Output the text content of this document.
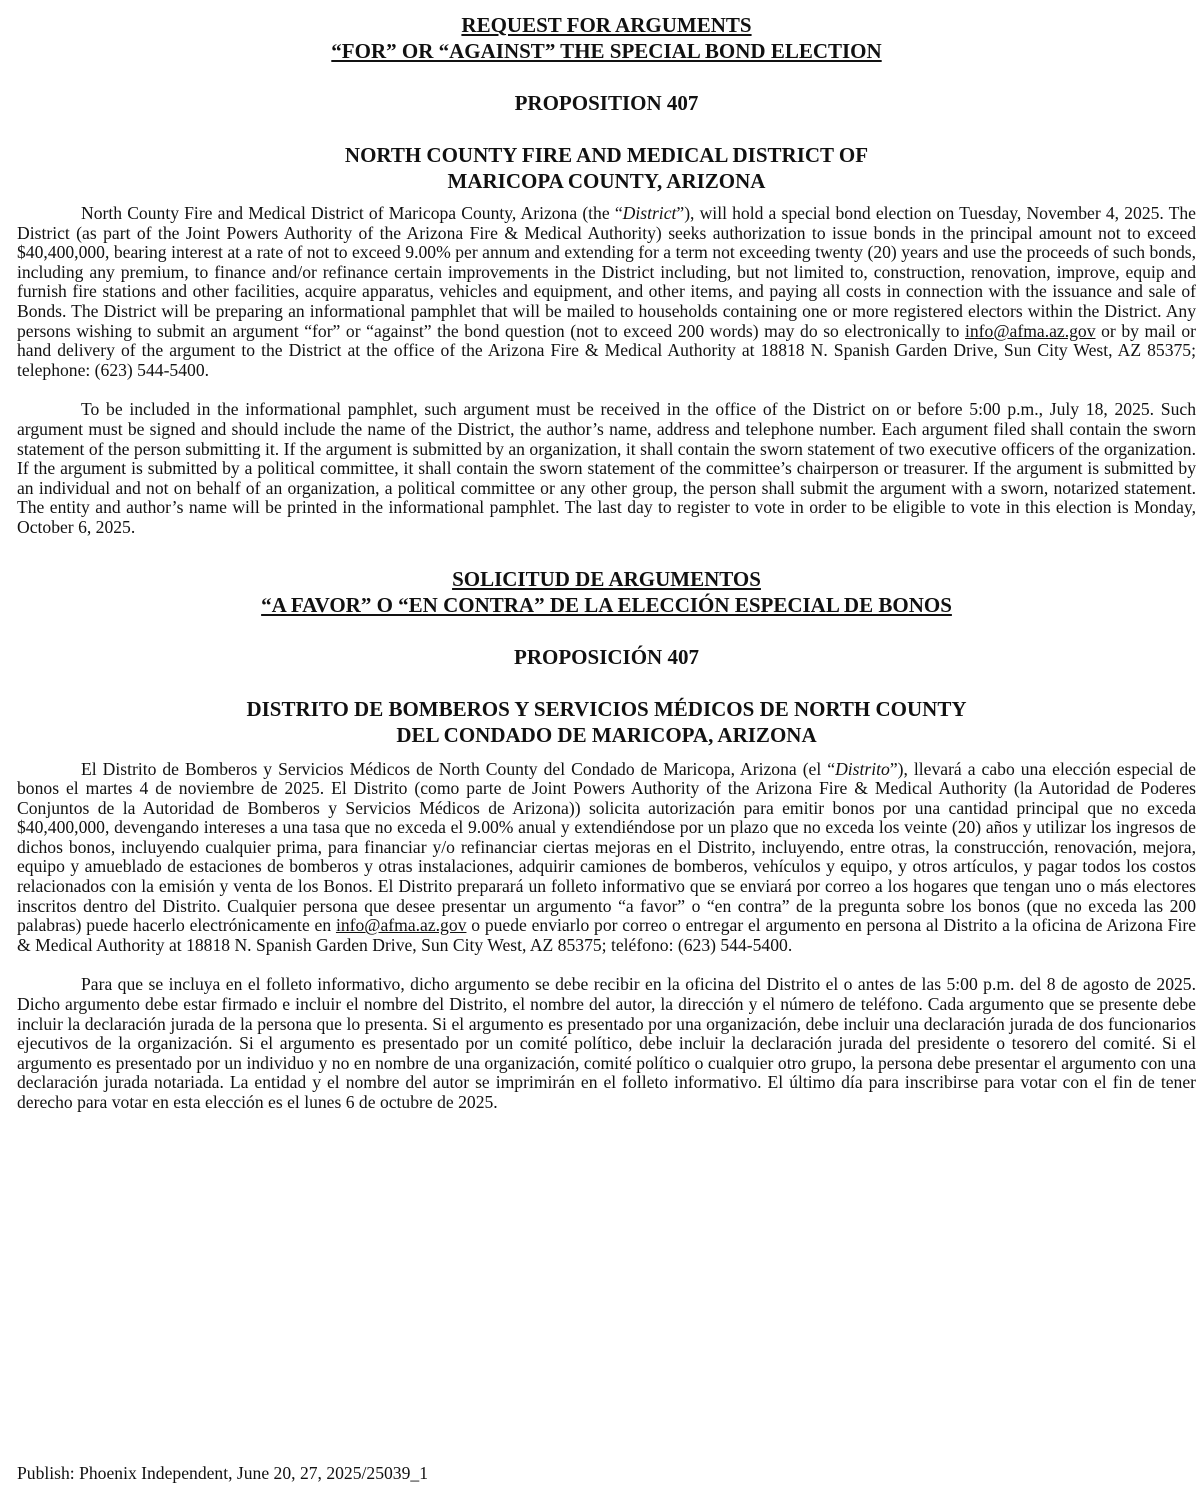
REQUEST FOR ARGUMENTS
“FOR” OR “AGAINST” THE SPECIAL BOND ELECTION
PROPOSITION 407
NORTH COUNTY FIRE AND MEDICAL DISTRICT OF
MARICOPA COUNTY, ARIZONA

North County Fire and Medical District of Maricopa County, Arizona (the “District”), will hold a special bond election on Tuesday, November 4, 2025. The District (as part of the Joint Powers Authority of the Arizona Fire & Medical Authority) seeks authorization to issue bonds in the principal amount not to exceed $40,400,000, bearing interest at a rate of not to exceed 9.00% per annum and extending for a term not exceeding twenty (20) years and use the proceeds of such bonds, including any premium, to finance and/or refinance certain improvements in the District including, but not limited to, construction, renovation, improve, equip and furnish fire stations and other facilities, acquire apparatus, vehicles and equipment, and other items, and paying all costs in connection with the issuance and sale of Bonds. The District will be preparing an informational pamphlet that will be mailed to households containing one or more registered electors within the District. Any persons wishing to submit an argument “for” or “against” the bond question (not to exceed 200 words) may do so electronically to info@afma.az.gov or by mail or hand delivery of the argument to the District at the office of the Arizona Fire & Medical Authority at 18818 N. Spanish Garden Drive, Sun City West, AZ 85375; telephone: (623) 544-5400.

To be included in the informational pamphlet, such argument must be received in the office of the District on or before 5:00 p.m., July 18, 2025. Such argument must be signed and should include the name of the District, the author’s name, address and telephone number. Each argument filed shall contain the sworn statement of the person submitting it. If the argument is submitted by an organization, it shall contain the sworn statement of two executive officers of the organization. If the argument is submitted by a political committee, it shall contain the sworn statement of the committee’s chairperson or treasurer. If the argument is submitted by an individual and not on behalf of an organization, a political committee or any other group, the person shall submit the argument with a sworn, notarized statement. The entity and author’s name will be printed in the informational pamphlet. The last day to register to vote in order to be eligible to vote in this election is Monday, October 6, 2025.

SOLICITUD DE ARGUMENTOS
“A FAVOR” O “EN CONTRA” DE LA ELECCIÓN ESPECIAL DE BONOS
PROPOSICIÓN 407
DISTRITO DE BOMBEROS Y SERVICIOS MÉDICOS DE NORTH COUNTY
DEL CONDADO DE MARICOPA, ARIZONA

El Distrito de Bomberos y Servicios Médicos de North County del Condado de Maricopa, Arizona (el “Distrito”), llevará a cabo una elección especial de bonos el martes 4 de noviembre de 2025. El Distrito (como parte de Joint Powers Authority of the Arizona Fire & Medical Authority (la Autoridad de Poderes Conjuntos de la Autoridad de Bomberos y Servicios Médicos de Arizona)) solicita autorización para emitir bonos por una cantidad principal que no exceda $40,400,000, devengando intereses a una tasa que no exceda el 9.00% anual y extendiéndose por un plazo que no exceda los veinte (20) años y utilizar los ingresos de dichos bonos, incluyendo cualquier prima, para financiar y/o refinanciar ciertas mejoras en el Distrito, incluyendo, entre otras, la construcción, renovación, mejora, equipo y amueblado de estaciones de bomberos y otras instalaciones, adquirir camiones de bomberos, vehículos y equipo, y otros artículos, y pagar todos los costos relacionados con la emisión y venta de los Bonos. El Distrito preparará un folleto informativo que se enviará por correo a los hogares que tengan uno o más electores inscritos dentro del Distrito. Cualquier persona que desee presentar un argumento “a favor” o “en contra” de la pregunta sobre los bonos (que no exceda las 200 palabras) puede hacerlo electrónicamente en info@afma.az.gov o puede enviarlo por correo o entregar el argumento en persona al Distrito a la oficina de Arizona Fire & Medical Authority at 18818 N. Spanish Garden Drive, Sun City West, AZ 85375; teléfono: (623) 544-5400.

Para que se incluya en el folleto informativo, dicho argumento se debe recibir en la oficina del Distrito el o antes de las 5:00 p.m. del 8 de agosto de 2025. Dicho argumento debe estar firmado e incluir el nombre del Distrito, el nombre del autor, la dirección y el número de teléfono. Cada argumento que se presente debe incluir la declaración jurada de la persona que lo presenta. Si el argumento es presentado por una organización, debe incluir una declaración jurada de dos funcionarios ejecutivos de la organización. Si el argumento es presentado por un comité político, debe incluir la declaración jurada del presidente o tesorero del comité. Si el argumento es presentado por un individuo y no en nombre de una organización, comité político o cualquier otro grupo, la persona debe presentar el argumento con una declaración jurada notariada. La entidad y el nombre del autor se imprimirán en el folleto informativo. El último día para inscribirse para votar con el fin de tener derecho para votar en esta elección es el lunes 6 de octubre de 2025.

Publish: Phoenix Independent, June 20, 27, 2025/25039_1
